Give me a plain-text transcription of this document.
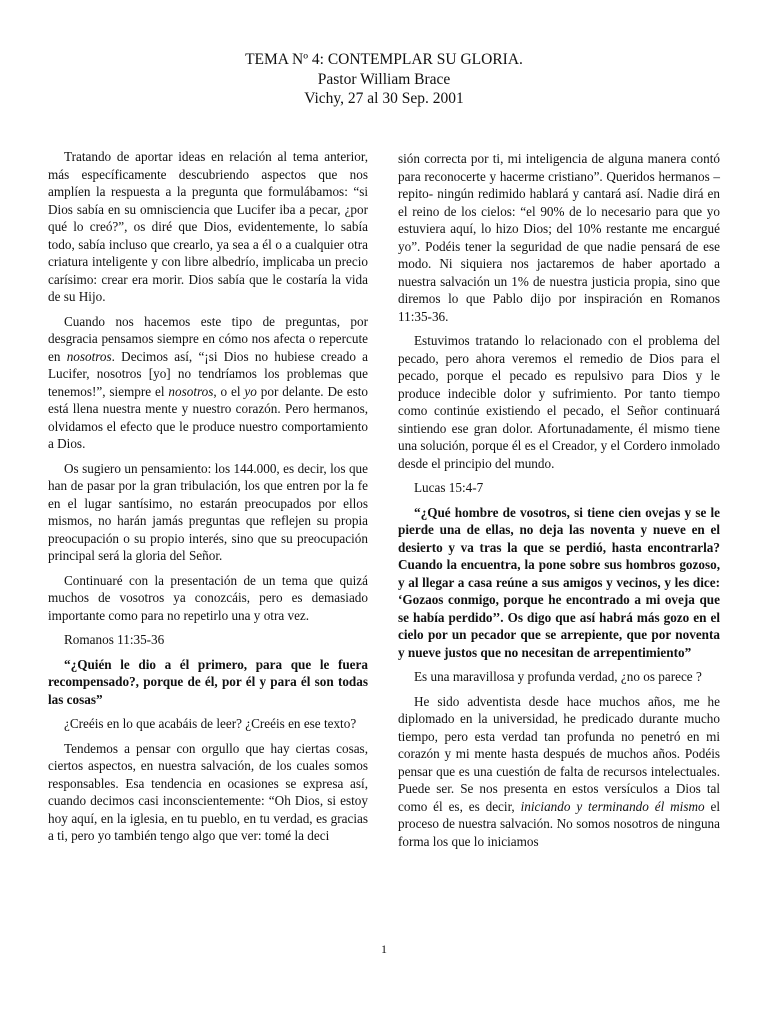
TEMA Nº 4: CONTEMPLAR SU GLORIA.
Pastor William Brace
Vichy, 27 al 30 Sep. 2001

Tratando de aportar ideas en relación al tema anterior, más específicamente descubriendo aspectos que nos amplíen la respuesta a la pregunta que formulábamos: “si Dios sabía en su omnisciencia que Lucifer iba a pecar, ¿por qué lo creó?”, os diré que Dios, evidentemente, lo sabía todo, sabía incluso que crearlo, ya sea a él o a cualquier otra criatura inteligente y con libre albedrío, implicaba un precio carísimo: crear era morir. Dios sabía que le costaría la vida de su Hijo.

Cuando nos hacemos este tipo de preguntas, por desgracia pensamos siempre en cómo nos afecta o repercute en nosotros. Decimos así, “¡si Dios no hubiese creado a Lucifer, nosotros [yo] no tendríamos los problemas que tenemos!”, siempre el nosotros, o el yo por delante. De esto está llena nuestra mente y nuestro corazón. Pero hermanos, olvidamos el efecto que le produce nuestro comportamiento a Dios.

Os sugiero un pensamiento: los 144.000, es decir, los que han de pasar por la gran tribulación, los que entren por la fe en el lugar santísimo, no estarán preocupados por ellos mismos, no harán jamás preguntas que reflejen su propia preocupación o su propio interés, sino que su preocupación principal será la gloria del Señor.

Continuaré con la presentación de un tema que quizá muchos de vosotros ya conozcáis, pero es demasiado importante como para no repetirlo una y otra vez.

Romanos 11:35-36

“¿Quién le dio a él primero, para que le fuera recompensado?, porque de él, por él y para él son todas las cosas”

¿Creéis en lo que acabáis de leer? ¿Creéis en ese texto?

Tendemos a pensar con orgullo que hay ciertas cosas, ciertos aspectos, en nuestra salvación, de los cuales somos responsables. Esa tendencia en ocasiones se expresa así, cuando decimos casi inconscientemente: “Oh Dios, si estoy hoy aquí, en la iglesia, en tu pueblo, en tu verdad, es gracias a ti, pero yo también tengo algo que ver: tomé la deci

sión correcta por ti, mi inteligencia de alguna manera contó para reconocerte y hacerme cristiano”. Queridos hermanos –repito- ningún redimido hablará y cantará así. Nadie dirá en el reino de los cielos: “el 90% de lo necesario para que yo estuviera aquí, lo hizo Dios; del 10% restante me encargué yo”. Podéis tener la seguridad de que nadie pensará de ese modo. Ni siquiera nos jactaremos de haber aportado a nuestra salvación un 1% de nuestra justicia propia, sino que diremos lo que Pablo dijo por inspiración en Romanos 11:35-36.

Estuvimos tratando lo relacionado con el problema del pecado, pero ahora veremos el remedio de Dios para el pecado, porque el pecado es repulsivo para Dios y le produce indecible dolor y sufrimiento. Por tanto tiempo como continúe existiendo el pecado, el Señor continuará sintiendo ese gran dolor. Afortunadamente, él mismo tiene una solución, porque él es el Creador, y el Cordero inmolado desde el principio del mundo.

Lucas 15:4-7

“¿Qué hombre de vosotros, si tiene cien ovejas y se le pierde una de ellas, no deja las noventa y nueve en el desierto y va tras la que se perdió, hasta encontrarla? Cuando la encuentra, la pone sobre sus hombros gozoso, y al llegar a casa reúne a sus amigos y vecinos, y les dice: ‘Gozaos conmigo, porque he encontrado a mi oveja que se había perdido’’. Os digo que así habrá más gozo en el cielo por un pecador que se arrepiente, que por noventa y nueve justos que no necesitan de arrepentimiento”

Es una maravillosa y profunda verdad, ¿no os parece ?

He sido adventista desde hace muchos años, me he diplomado en la universidad, he predicado durante mucho tiempo, pero esta verdad tan profunda no penetró en mi corazón y mi mente hasta después de muchos años. Podéis pensar que es una cuestión de falta de recursos intelectuales. Puede ser. Se nos presenta en estos versículos a Dios tal como él es, es decir, iniciando y terminando él mismo el proceso de nuestra salvación. No somos nosotros de ninguna forma los que lo iniciamos

1
